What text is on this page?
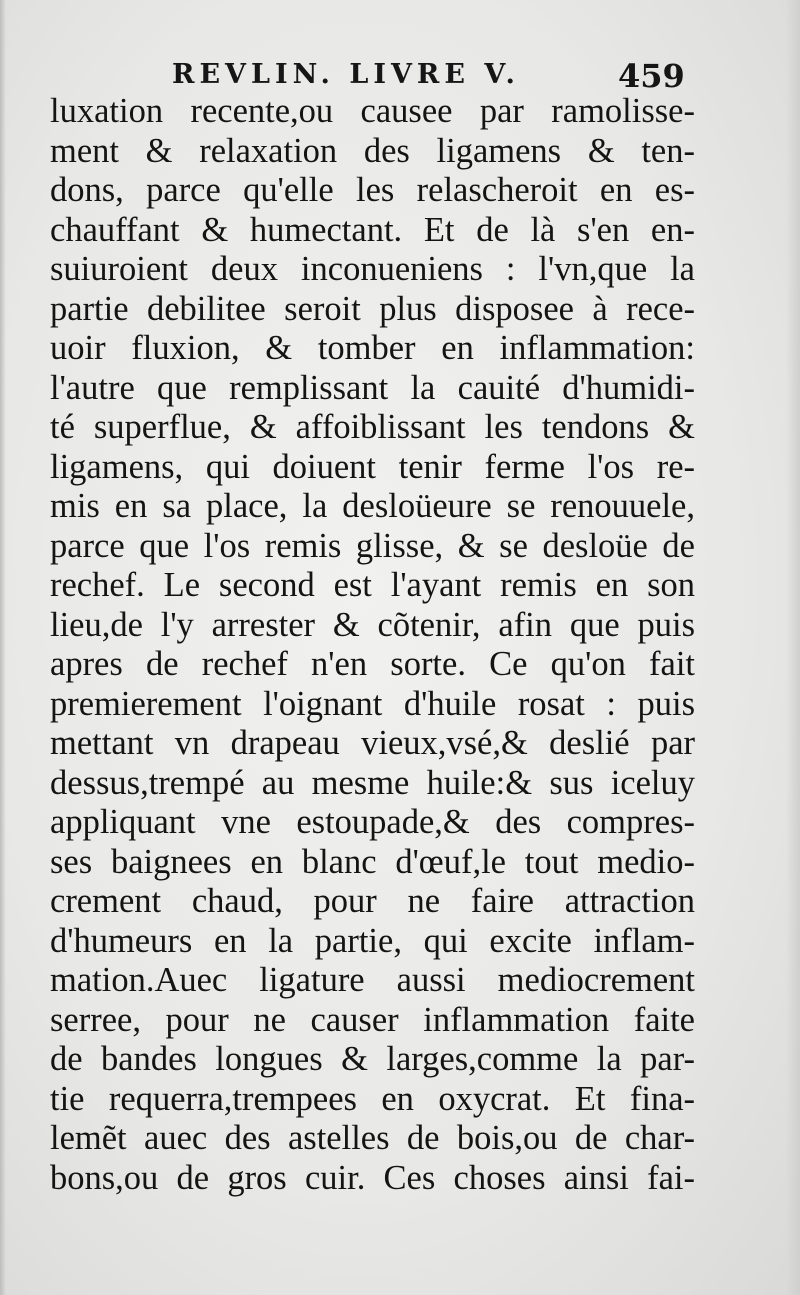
REVLIN. LIVRE V.	459
luxation recente,ou causee par ramolisse-
ment & relaxation des ligamens & ten-
dons, parce qu'elle les relascheroit en es-
chauffant & humectant. Et de là s'en en-
suiuroient deux inconueniens : l'vn,que la
partie debilitee seroit plus disposee à rece-
uoir fluxion, & tomber en inflammation:
l'autre que remplissant la cauité d'humidi-
té superflue, & affoiblissant les tendons &
ligamens, qui doiuent tenir ferme l'os re-
mis en sa place, la desloüeure se renouuele,
parce que l'os remis glisse, & se desloüe de
rechef. Le second est l'ayant remis en son
lieu,de l'y arrester & cõtenir, afin que puis
apres de rechef n'en sorte. Ce qu'on fait
premierement l'oignant d'huile rosat : puis
mettant vn drapeau vieux,vsé,& deslié par
dessus,trempé au mesme huile:& sus iceluy
appliquant vne estoupade,& des compres-
ses baignees en blanc d'œuf,le tout medio-
crement chaud, pour ne faire attraction
d'humeurs en la partie, qui excite inflam-
mation.Auec ligature aussi mediocrement
serree, pour ne causer inflammation faite
de bandes longues & larges,comme la par-
tie requerra,trempees en oxycrat. Et fina-
lemẽt auec des astelles de bois,ou de char-
bons,ou de gros cuir. Ces choses ainsi fai-
